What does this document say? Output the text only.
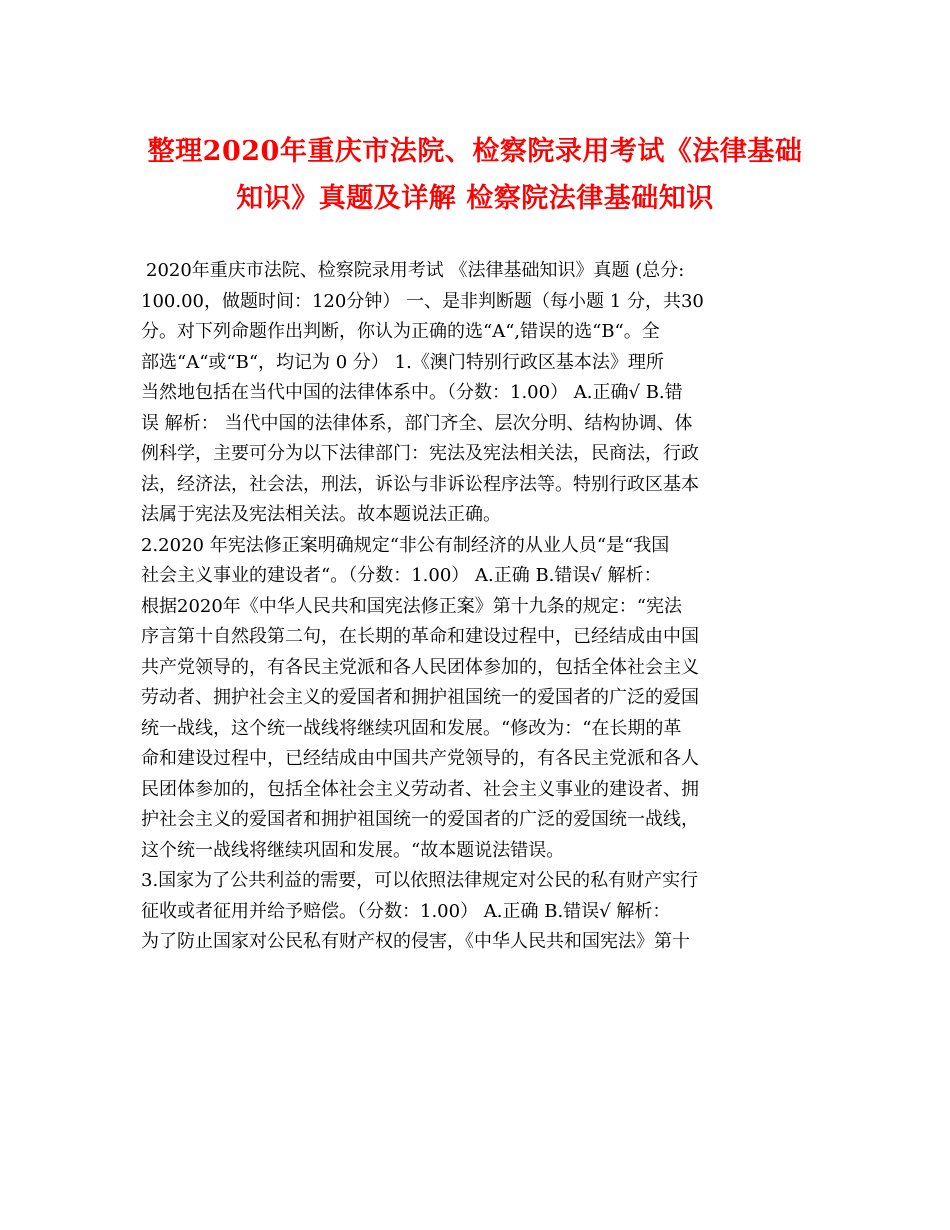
整理2020年重庆市法院、检察院录用考试《法律基础
知识》真题及详解 检察院法律基础知识
2020年重庆市法院、检察院录用考试 《法律基础知识》真题 (总分:
100.00，做题时间：120分钟） 一、是非判断题（每小题 1 分，共30
分。对下列命题作出判断，你认为正确的选“A“,错误的选“B“。全
部选“A“或“B“，均记为 0 分） 1.《澳门特别行政区基本法》理所
当然地包括在当代中国的法律体系中。（分数：1.00） A.正确√ B.错
误 解析： 当代中国的法律体系，部门齐全、层次分明、结构协调、体
例科学，主要可分为以下法律部门：宪法及宪法相关法，民商法，行政
法，经济法，社会法，刑法，诉讼与非诉讼程序法等。特别行政区基本
法属于宪法及宪法相关法。故本题说法正确。
2.2020 年宪法修正案明确规定“非公有制经济的从业人员“是“我国
社会主义事业的建设者“。（分数：1.00） A.正确 B.错误√ 解析：
根据2020年《中华人民共和国宪法修正案》第十九条的规定：“宪法
序言第十自然段第二句，在长期的革命和建设过程中，已经结成由中国
共产党领导的，有各民主党派和各人民团体参加的，包括全体社会主义
劳动者、拥护社会主义的爱国者和拥护祖国统一的爱国者的广泛的爱国
统一战线，这个统一战线将继续巩固和发展。“修改为：“在长期的革
命和建设过程中，已经结成由中国共产党领导的，有各民主党派和各人
民团体参加的，包括全体社会主义劳动者、社会主义事业的建设者、拥
护社会主义的爱国者和拥护祖国统一的爱国者的广泛的爱国统一战线，
这个统一战线将继续巩固和发展。“故本题说法错误。
3.国家为了公共利益的需要，可以依照法律规定对公民的私有财产实行
征收或者征用并给予赔偿。（分数：1.00） A.正确 B.错误√ 解析：
为了防止国家对公民私有财产权的侵害，《中华人民共和国宪法》第十
